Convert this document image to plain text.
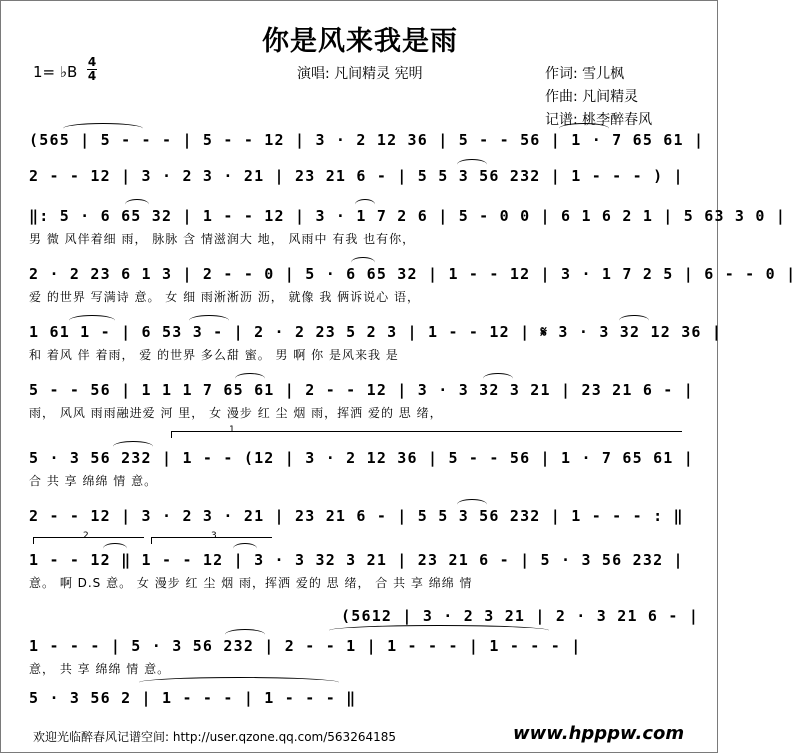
你是风来我是雨
1= ♭B
4
4	演唱: 凡间精灵 宪明	作词: 雪儿枫
作曲: 凡间精灵
记谱: 桃李醉春风
(565 | 5 - - - | 5 - - 12 | 3 · 2 12 36 | 5 - - 56 | 1 · 7 65 61 |
2 - - 12 | 3 · 2 3 · 21 | 23 21 6 - | 5 5 3 56 232 | 1 - - - ) |
‖: 5 · 6 65 32 | 1 - - 12 | 3 · 1 7 2 6 | 5 - 0 0 | 6 1 6 2 1 | 5 63 3 0 |
男 微 风伴着细 雨， 脉脉 含 情滋润大 地， 风雨中 有我 也有你，
2 · 2 23 6 1 3 | 2 - - 0 | 5 · 6 65 32 | 1 - - 12 | 3 · 1 7 2 5 | 6 - - 0 |
爱 的世界 写满诗 意。 女 细 雨淅淅沥 沥， 就像 我 俩诉说心 语，
1 61 1 - | 6 53 3 - | 2 · 2 23 5 2 3 | 1 - - 12 | 𝄋 3 · 3 32 12 36 |
和 着风 伴 着雨， 爱 的世界 多么甜 蜜。 男 啊 你 是风来我 是
5 - - 56 | 1 1 1 7 65 61 | 2 - - 12 | 3 · 3 32 3 21 | 23 21 6 - |
雨， 风风 雨雨融进爱 河 里， 女 漫步 红 尘 烟 雨，挥洒 爱的 思 绪，
1
5 · 3 56 232 | 1 - - (12 | 3 · 2 12 36 | 5 - - 56 | 1 · 7 65 61 |
合 共 享 绵绵 情 意。
2 - - 12 | 3 · 2 3 · 21 | 23 21 6 - | 5 5 3 56 232 | 1 - - - : ‖
2	3
1 - - 12 ‖ 1 - - 12 | 3 · 3 32 3 21 | 23 21 6 - | 5 · 3 56 232 |
意。 啊 D.S 意。 女 漫步 红 尘 烟 雨，挥洒 爱的 思 绪， 合 共 享 绵绵 情
(5612 | 3 · 2 3 21 | 2 · 3 21 6 - |
1 - - - | 5 · 3 56 232 | 2 - - 1 | 1 - - - | 1 - - - |
意， 共 享 绵绵 情 意。
5 · 3 56 2 | 1 - - - | 1 - - - ‖
欢迎光临醉春风记谱空间: http://user.qzone.qq.com/563264185	www.hpppw.com
